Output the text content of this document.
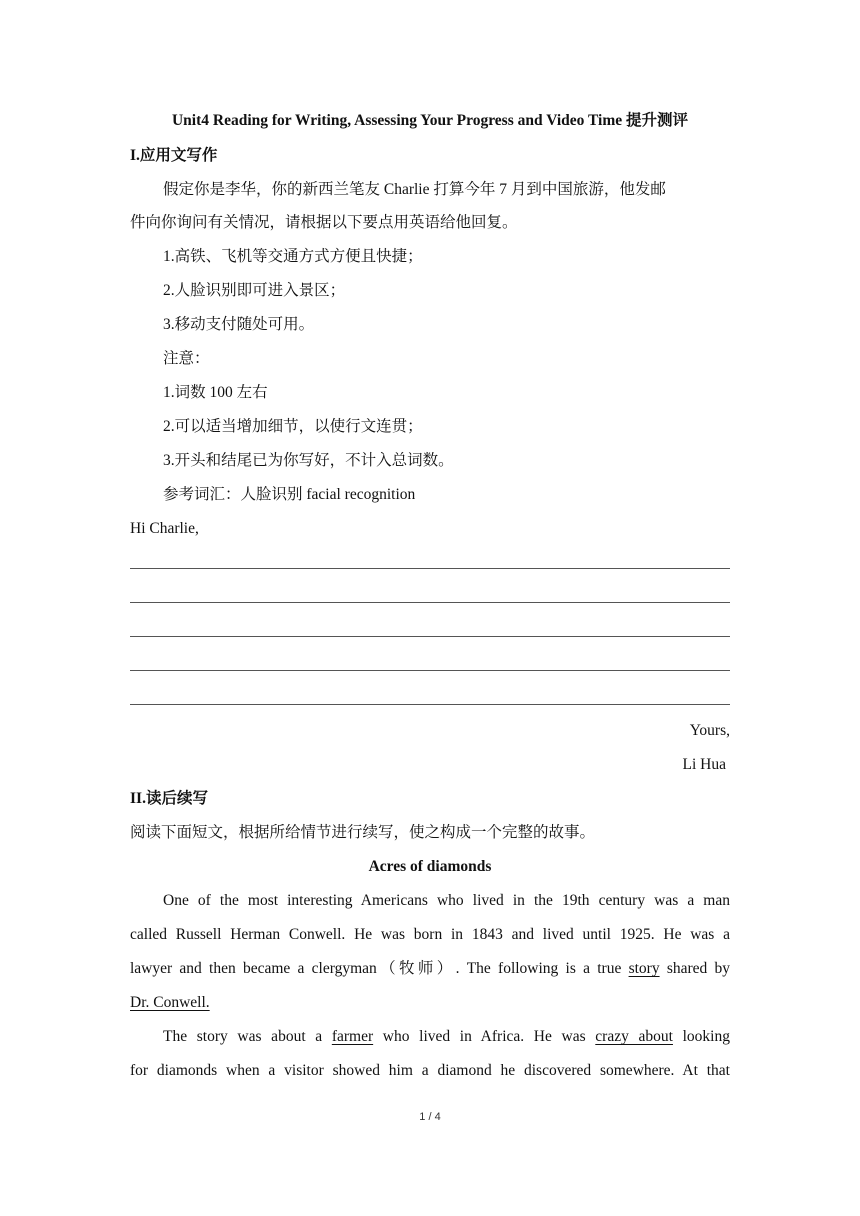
Unit4 Reading for Writing, Assessing Your Progress and Video Time 提升测评
I.应用文写作
假定你是李华，你的新西兰笔友 Charlie 打算今年 7 月到中国旅游，他发邮
件向你询问有关情况，请根据以下要点用英语给他回复。
1.高铁、飞机等交通方式方便且快捷；
2.人脸识别即可进入景区；
3.移动支付随处可用。
注意：
1.词数 100 左右
2.可以适当增加细节，以使行文连贯；
3.开头和结尾已为你写好，不计入总词数。
参考词汇：人脸识别 facial recognition
Hi Charlie,
Yours,
Li Hua
II.读后续写
阅读下面短文，根据所给情节进行续写，使之构成一个完整的故事。
Acres of diamonds
One of the most interesting Americans who lived in the 19th century was a man
called Russell Herman Conwell. He was born in 1843 and lived until 1925. He was a
lawyer and then became a clergyman（牧师）. The following is a true story shared by
Dr. Conwell.
The story was about a farmer who lived in Africa. He was crazy about looking
for diamonds when a visitor showed him a diamond he discovered somewhere. At that
1 / 4
